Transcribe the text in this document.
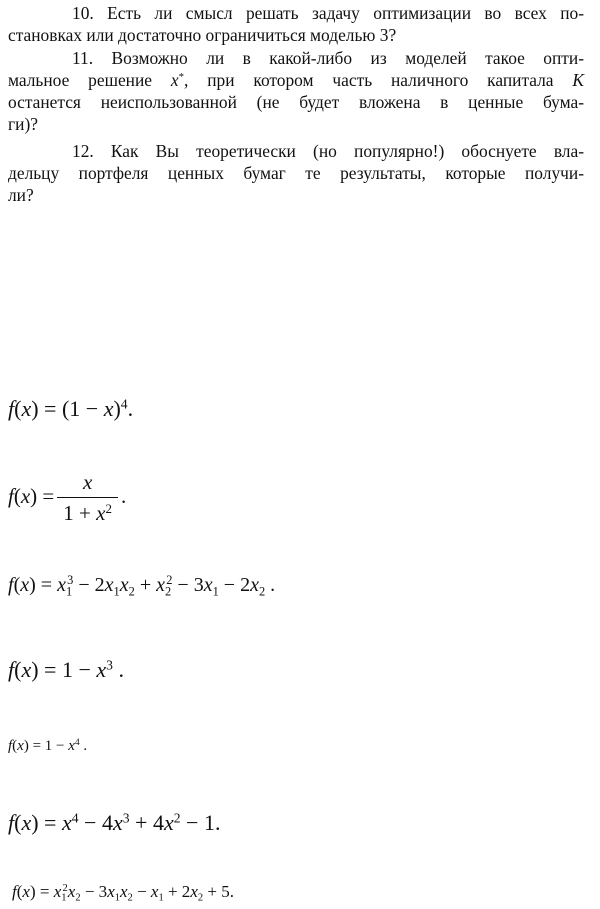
10. Есть ли смысл решать задачу оптимизации во всех по-
становках или достаточно ограничиться моделью 3?
11. Возможно ли в какой-либо из моделей такое опти-
мальное решение x*, при котором часть наличного капитала K
останется неиспользованной (не будет вложена в ценные бума-
ги)?
12. Как Вы теоретически (но популярно!) обоснуете вла-
дельцу портфеля ценных бумаг те результаты, которые получи-
ли?
$f(x) = (1 - x)^4$.
$f(x) = \frac{x}{1 + x^2}$ .
$f(x) = x_1^3 - 2x_1x_2 + x_2^2 - 3x_1 - 2x_2$ .
$f(x) = 1 - x^3$ .
$f(x) = 1 - x^4$ .
$f(x) = x^4 - 4x^3 + 4x^2 - 1$.
$f(x) = x_1^2x_2 - 3x_1x_2 - x_1 + 2x_2 + 5$.
